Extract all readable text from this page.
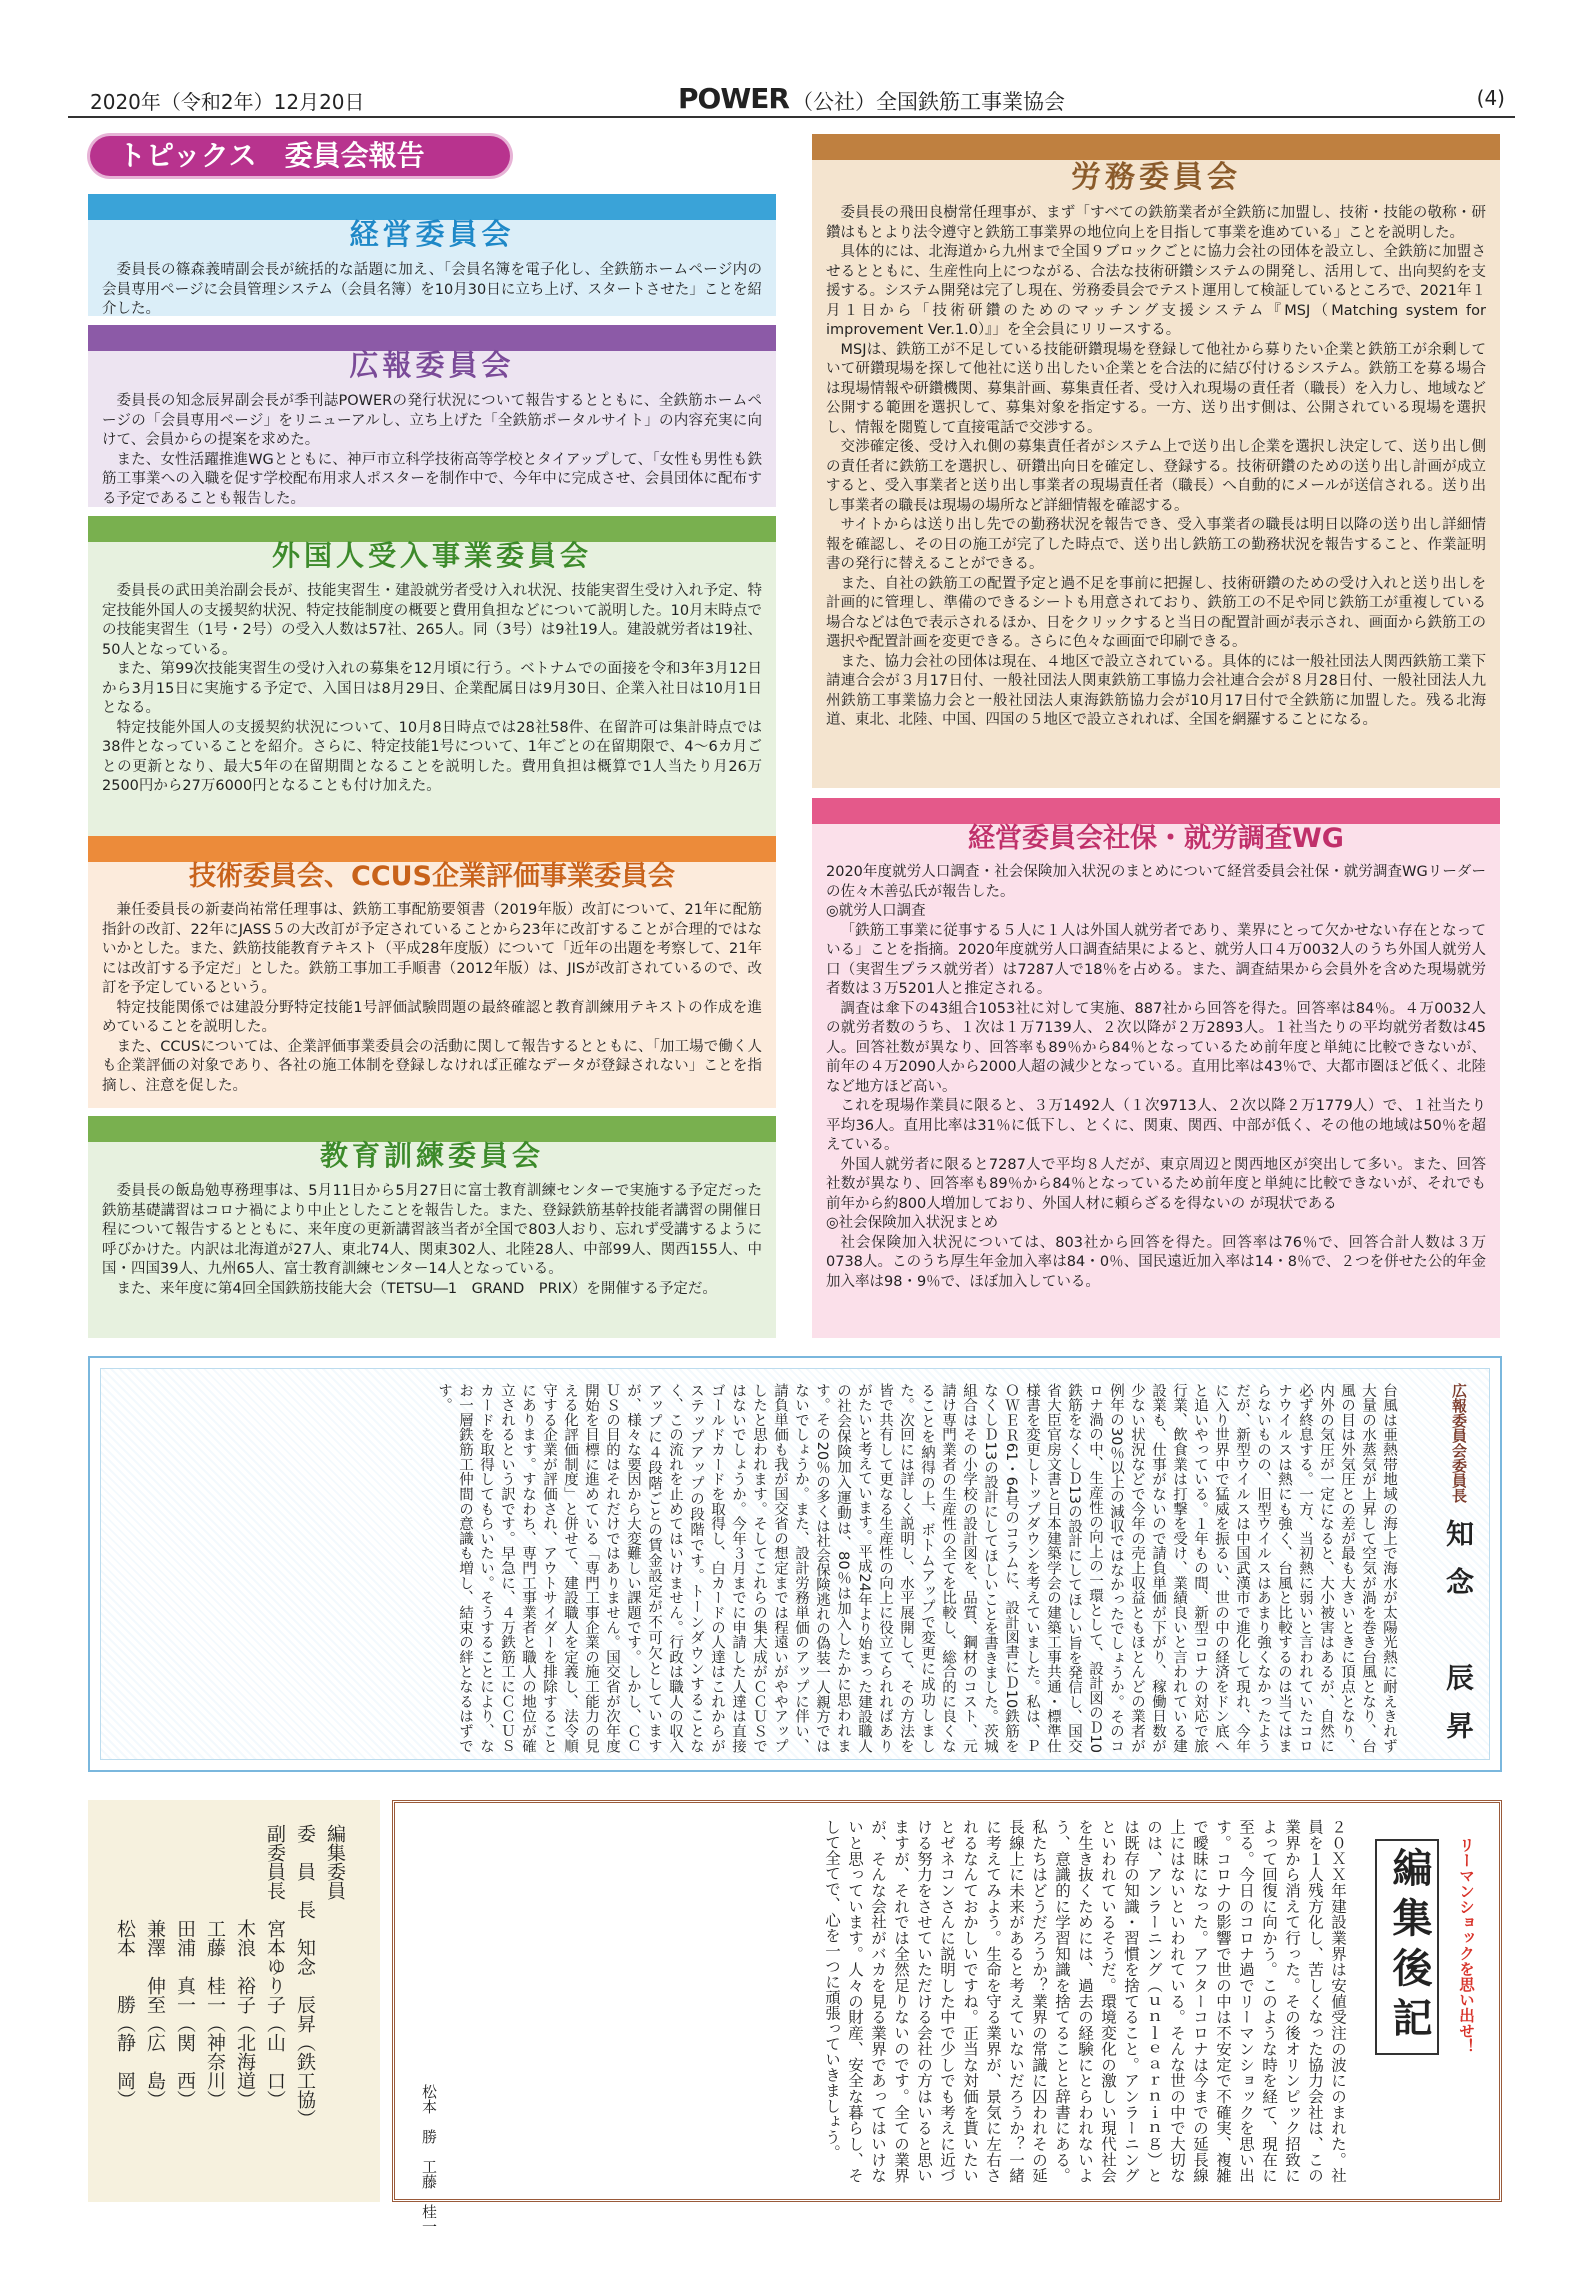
2020年（令和2年）12月20日	POWER （公社）全国鉄筋工事業協会	(4)
トピックス　委員会報告
経営委員会

委員長の篠森義晴副会長が統括的な話題に加え、「会員名簿を電子化し、全鉄筋ホームページ内の会員専用ページに会員管理システム（会員名簿）を10月30日に立ち上げ、スタートさせた」ことを紹介した。

広報委員会

委員長の知念辰昇副会長が季刊誌POWERの発行状況について報告するとともに、全鉄筋ホームページの「会員専用ページ」をリニューアルし、立ち上げた「全鉄筋ポータルサイト」の内容充実に向けて、会員からの提案を求めた。

また、女性活躍推進WGとともに、神戸市立科学技術高等学校とタイアップして、「女性も男性も鉄筋工事業への入職を促す学校配布用求人ポスターを制作中で、今年中に完成させ、会員団体に配布する予定であることも報告した。

外国人受入事業委員会

委員長の武田美治副会長が、技能実習生・建設就労者受け入れ状況、技能実習生受け入れ予定、特定技能外国人の支援契約状況、特定技能制度の概要と費用負担などについて説明した。10月末時点での技能実習生（1号・2号）の受入人数は57社、265人。同（3号）は9社19人。建設就労者は19社、50人となっている。

また、第99次技能実習生の受け入れの募集を12月頃に行う。ベトナムでの面接を令和3年3月12日から3月15日に実施する予定で、入国日は8月29日、企業配属日は9月30日、企業入社日は10月1日となる。

特定技能外国人の支援契約状況について、10月8日時点では28社58件、在留許可は集計時点では38件となっていることを紹介。さらに、特定技能1号について、1年ごとの在留期限で、4～6カ月ごとの更新となり、最大5年の在留期間となることを説明した。費用負担は概算で1人当たり月26万2500円から27万6000円となることも付け加えた。

技術委員会、CCUS企業評価事業委員会

兼任委員長の新妻尚祐常任理事は、鉄筋工事配筋要領書（2019年版）改訂について、21年に配筋指針の改訂、22年にJASS５の大改訂が予定されていることから23年に改訂することが合理的ではないかとした。また、鉄筋技能教育テキスト（平成28年度版）について「近年の出題を考察して、21年には改訂する予定だ」とした。鉄筋工事加工手順書（2012年版）は、JISが改訂されているので、改訂を予定しているという。

特定技能関係では建設分野特定技能1号評価試験問題の最終確認と教育訓練用テキストの作成を進めていることを説明した。

また、CCUSについては、企業評価事業委員会の活動に関して報告するとともに、「加工場で働く人も企業評価の対象であり、各社の施工体制を登録しなければ正確なデータが登録されない」ことを指摘し、注意を促した。

教育訓練委員会

委員長の飯島勉専務理事は、5月11日から5月27日に富士教育訓練センターで実施する予定だった鉄筋基礎講習はコロナ禍により中止としたことを報告した。また、登録鉄筋基幹技能者講習の開催日程について報告するとともに、来年度の更新講習該当者が全国で803人おり、忘れず受講するように呼びかけた。内訳は北海道が27人、東北74人、関東302人、北陸28人、中部99人、関西155人、中国・四国39人、九州65人、富士教育訓練センター14人となっている。

また、来年度に第4回全国鉄筋技能大会（TETSU―1　GRAND　PRIX）を開催する予定だ。

労務委員会

委員長の飛田良樹常任理事が、まず「すべての鉄筋業者が全鉄筋に加盟し、技術・技能の敬称・研鑽はもとより法令遵守と鉄筋工事業界の地位向上を目指して事業を進めている」ことを説明した。

具体的には、北海道から九州まで全国９ブロックごとに協力会社の団体を設立し、全鉄筋に加盟させるとともに、生産性向上につながる、合法な技術研鑽システムの開発し、活用して、出向契約を支援する。システム開発は完了し現在、労務委員会でテスト運用して検証しているところで、2021年１月１日から「技術研鑽のためのマッチング支援システム『MSJ（Matching system for improvement Ver.1.0）』」を全会員にリリースする。

MSJは、鉄筋工が不足している技能研鑽現場を登録して他社から募りたい企業と鉄筋工が余剰していて研鑽現場を探して他社に送り出したい企業とを合法的に結び付けるシステム。鉄筋工を募る場合は現場情報や研鑽機関、募集計画、募集責任者、受け入れ現場の責任者（職長）を入力し、地域など公開する範囲を選択して、募集対象を指定する。一方、送り出す側は、公開されている現場を選択し、情報を閲覧して直接電話で交渉する。

交渉確定後、受け入れ側の募集責任者がシステム上で送り出し企業を選択し決定して、送り出し側の責任者に鉄筋工を選択し、研鑽出向日を確定し、登録する。技術研鑽のための送り出し計画が成立すると、受入事業者と送り出し事業者の現場責任者（職長）へ自動的にメールが送信される。送り出し事業者の職長は現場の場所など詳細情報を確認する。

サイトからは送り出し先での勤務状況を報告でき、受入事業者の職長は明日以降の送り出し詳細情報を確認し、その日の施工が完了した時点で、送り出し鉄筋工の勤務状況を報告すること、作業証明書の発行に替えることができる。

また、自社の鉄筋工の配置予定と過不足を事前に把握し、技術研鑽のための受け入れと送り出しを計画的に管理し、準備のできるシートも用意されており、鉄筋工の不足や同じ鉄筋工が重複している場合などは色で表示されるほか、日をクリックすると当日の配置計画が表示され、画面から鉄筋工の選択や配置計画を変更できる。さらに色々な画面で印刷できる。

また、協力会社の団体は現在、４地区で設立されている。具体的には一般社団法人関西鉄筋工業下請連合会が３月17日付、一般社団法人関東鉄筋工事協力会社連合会が８月28日付、一般社団法人九州鉄筋工事業協力会と一般社団法人東海鉄筋協力会が10月17日付で全鉄筋に加盟した。残る北海道、東北、北陸、中国、四国の５地区で設立されれば、全国を網羅することになる。

経営委員会社保・就労調査WG

2020年度就労人口調査・社会保険加入状況のまとめについて経営委員会社保・就労調査WGリーダーの佐々木善弘氏が報告した。

◎就労人口調査

「鉄筋工事業に従事する５人に１人は外国人就労者であり、業界にとって欠かせない存在となっている」ことを指摘。2020年度就労人口調査結果によると、就労人口４万0032人のうち外国人就労人口（実習生プラス就労者）は7287人で18％を占める。また、調査結果から会員外を含めた現場就労者数は３万5201人と推定される。

調査は傘下の43組合1053社に対して実施、887社から回答を得た。回答率は84％。４万0032人の就労者数のうち、１次は１万7139人、２次以降が２万2893人。１社当たりの平均就労者数は45人。回答社数が異なり、回答率も89％から84％となっているため前年度と単純に比較できないが、前年の４万2090人から2000人超の減少となっている。直用比率は43％で、大都市圏ほど低く、北陸など地方ほど高い。

これを現場作業員に限ると、３万1492人（１次9713人、２次以降２万1779人）で、１社当たり平均36人。直用比率は31％に低下し、とくに、関東、関西、中部が低く、その他の地域は50％を超えている。

外国人就労者に限ると7287人で平均８人だが、東京周辺と関西地区が突出して多い。また、回答社数が異なり、回答率も89％から84％となっているため前年度と単純に比較できないが、それでも前年から約800人増加しており、外国人材に頼らざるを得ないの が現状である

◎社会保険加入状況まとめ

社会保険加入状況については、803社から回答を得た。回答率は76％で、回答合計人数は３万0738人。このうち厚生年金加入率は84・0％、国民遠近加入率は14・8％で、２つを併せた公的年金加入率は98・9％で、ほぼ加入している。

広報委員会委員長
知念　辰昇
台風は亜熱帯地域の海上で海水が太陽光熱に耐えきれず大量の水蒸気が上昇して空気が渦を巻き台風となり、台風の目は外気圧との差が最も大きいときに頂点となり、内外の気圧が一定になると、大小被害はあるが、自然に必ず終息する。一方、当初熱に弱いと言われていたコロナウイルスは熱にも強く、台風と比較するのは当てはまらないものの、旧型ウイルスはあまり強くなかったようだが、新型ウイルスは中国武漢市で進化して現れ、今年に入り世界中で猛威を振るい、世の中の経済をドン底へと追いやっている。１年もの間、新型コロナの対応で旅行業、飲食業は打撃を受け、業績良いと言われている建設業も、仕事がないので請負単価が下がり、稼働日数が少ない状況などで今年の売上収益ともほとんどの業者が例年の30％以上の減収ではなかったでしょうか。そのコロナ渦の中、生産性の向上の一環として、設計図のＤ10鉄筋をなくしＤ13の設計にしてほしい旨を発信し、国交省大臣官房文書と日本建築学会の建築工事共通・標準仕様書を変更しトップダウンを考えていました。私は、ＰＯＷＥＲ61・64号のコラムに、設計図書にＤ10鉄筋をなくしＤ13の設計にしてほしいことを書きました。茨城組合はその小学校の設計図を、品質、鋼材のコスト、元請け専門業者の生産性の全てを比較し、総合的に良くなることを納得の上、ボトムアップで変更に成功しました。次回には詳しく説明し、水平展開して、その方法を皆で共有して更なる生産性の向上に役立てられればありがたいと考えています。平成24年より始まった建設職人の社会保険加入運動は、80％は加入したかに思われます。その20％の多くは社会保険逃れの偽装一人親方ではないでしょうか。また、設計労務単価のアップに伴い、請負単価も我が国交省の想定までは程遠いがややアップしたと思われます。そしてこれらの集大成がＣＣＵＳではないでしょうか。今年３月までに申請した人達は直接ゴールドカードを取得し、白カードの人達はこれからがステップアップの段階です。トーンダウンすることなく、この流れを止めてはいけません。行政は職人の収入アップに４段階ごとの賃金設定が不可欠としていますが、様々な要因から大変難しい課題です。しかし、ＣＣＵＳの目的はそれだけではありません。国交省が次年度開始を目標に進めている「専門工事企業の施工能力の見える化評価制度」と併せて、建設職人を定義し、法令順守する企業が評価され、アウトサイダーを排除することにあります。すなわち、専門工事業者と職人の地位が確立されるという訳です。早急に、４万鉄筋工にＣＣＵＳカードを取得してもらいたい。そうすることにより、なお一層鉄筋工仲間の意識も増し、結束の絆となるはずです。
編集委員
委　員　長　知念　辰昇（鉄工協）
副委員長　宮本ゆり子（山　口）
　　　　　木浪　裕子（北海道）
　　　　　工藤　桂一（神奈川）
　　　　　田浦　真一（関　西）
　　　　　兼澤　伸至（広　島）
　　　　　松本　　勝（静　岡）	編集後記	リーマンショックを思い出せ！
２０ＸＸ年建設業界は安値受注の波にのまれた。社員を１人残方化し、苦しくなった協力会社は、この業界から消えて行った。その後オリンピック招致によって回復に向かう。このような時を経て、現在に至る。今日のコロナ過でリーマンショックを思い出す。コロナの影響で世の中は不安定で不確実、複雑で曖昧になった。アフターコロナは今までの延長線上にはないといわれている。そんな世の中で大切なのは、アンラーニング（ｕｎｌｅａｒｎｉｎｇ）とは既存の知識・習慣を捨てること。アンラーニングといわれているそうだ。環境変化の激しい現代社会を生き抜くためには、過去の経験にとらわれないよう、意識的に学習知識を捨てることと辞書にある。私たちはどうだろうか？業界の常識に囚われその延長線上に未来があると考えていないだろうか？一緒に考えてみよう。生命を守る業界が、景気に左右されるなんておかしいですね。正当な対価を貰いたいとゼネコンさんに説明した中で少しでも考えに近づける努力をさせていただける会社の方はいると思いますが、それでは全然足りないのです。全ての業界が、そんな会社がバカを見る業界であってはいけないと思っています。人々の財産、安全な暮らし、そして全てで、心を一つに頑張っていきましょう。
松本　勝　工藤　桂一
